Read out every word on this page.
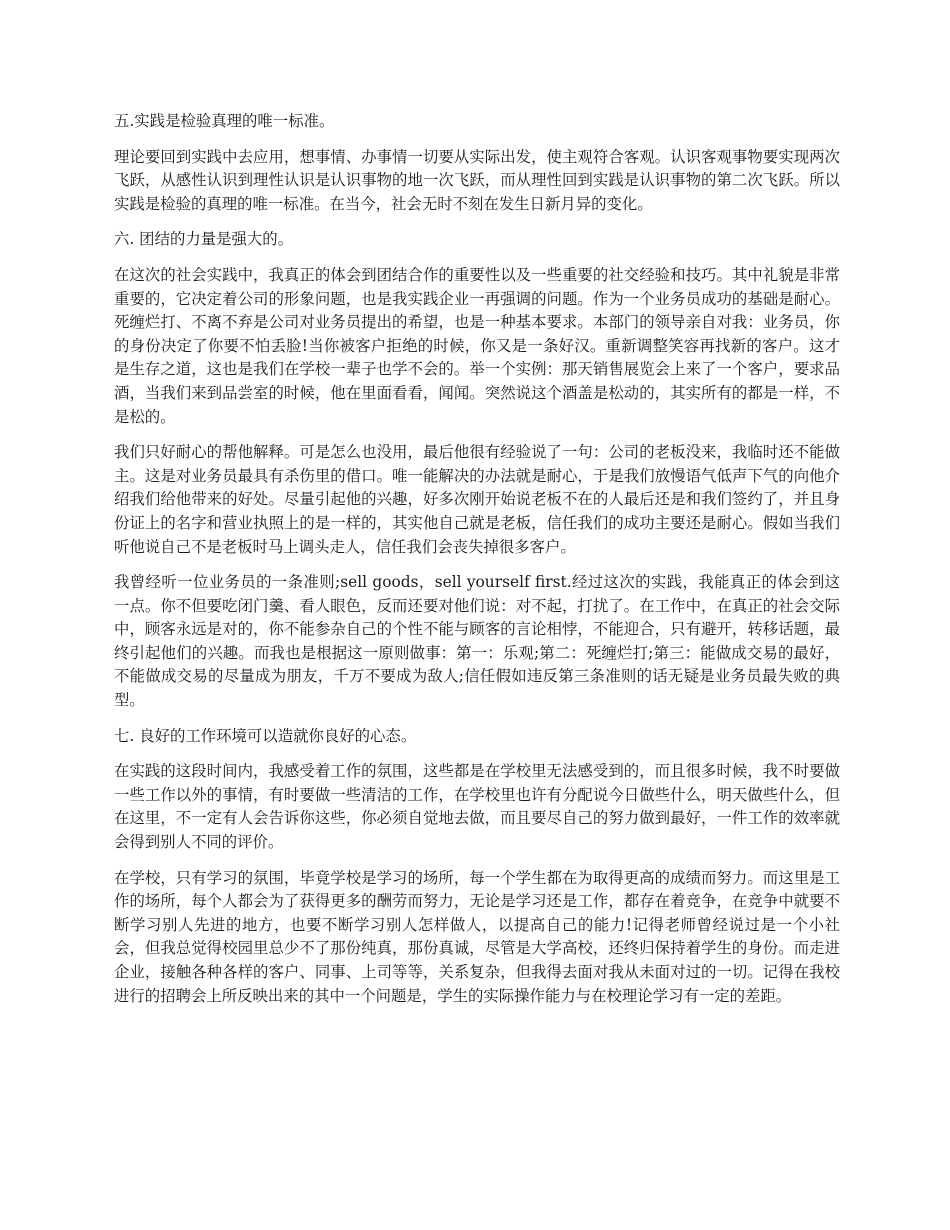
五.实践是检验真理的唯一标准。

理论要回到实践中去应用，想事情、办事情一切要从实际出发，使主观符合客观。认识客观事物要实现两次飞跃，从感性认识到理性认识是认识事物的地一次飞跃，而从理性回到实践是认识事物的第二次飞跃。所以实践是检验的真理的唯一标准。在当今，社会无时不刻在发生日新月异的变化。

六. 团结的力量是强大的。

在这次的社会实践中，我真正的体会到团结合作的重要性以及一些重要的社交经验和技巧。其中礼貌是非常重要的，它决定着公司的形象问题，也是我实践企业一再强调的问题。作为一个业务员成功的基础是耐心。死缠烂打、不离不弃是公司对业务员提出的希望，也是一种基本要求。本部门的领导亲自对我：业务员，你的身份决定了你要不怕丢脸!当你被客户拒绝的时候，你又是一条好汉。重新调整笑容再找新的客户。这才是生存之道，这也是我们在学校一辈子也学不会的。举一个实例：那天销售展览会上来了一个客户，要求品酒，当我们来到品尝室的时候，他在里面看看，闻闻。突然说这个酒盖是松动的，其实所有的都是一样，不是松的。

我们只好耐心的帮他解释。可是怎么也没用，最后他很有经验说了一句：公司的老板没来，我临时还不能做主。这是对业务员最具有杀伤里的借口。唯一能解决的办法就是耐心，于是我们放慢语气低声下气的向他介绍我们给他带来的好处。尽量引起他的兴趣，好多次刚开始说老板不在的人最后还是和我们签约了，并且身份证上的名字和营业执照上的是一样的，其实他自己就是老板，信任我们的成功主要还是耐心。假如当我们听他说自己不是老板时马上调头走人，信任我们会丧失掉很多客户。

我曾经听一位业务员的一条准则;sell goods，sell yourself first.经过这次的实践，我能真正的体会到这一点。你不但要吃闭门羹、看人眼色，反而还要对他们说：对不起，打扰了。在工作中，在真正的社会交际中，顾客永远是对的，你不能参杂自己的个性不能与顾客的言论相悖，不能迎合，只有避开，转移话题，最终引起他们的兴趣。而我也是根据这一原则做事：第一：乐观;第二：死缠烂打;第三：能做成交易的最好，不能做成交易的尽量成为朋友，千万不要成为敌人;信任假如违反第三条准则的话无疑是业务员最失败的典型。

七. 良好的工作环境可以造就你良好的心态。

在实践的这段时间内，我感受着工作的氛围，这些都是在学校里无法感受到的，而且很多时候，我不时要做一些工作以外的事情，有时要做一些清洁的工作，在学校里也许有分配说今日做些什么，明天做些什么，但在这里，不一定有人会告诉你这些，你必须自觉地去做，而且要尽自己的努力做到最好，一件工作的效率就会得到别人不同的评价。

在学校，只有学习的氛围，毕竟学校是学习的场所，每一个学生都在为取得更高的成绩而努力。而这里是工作的场所，每个人都会为了获得更多的酬劳而努力，无论是学习还是工作，都存在着竞争，在竞争中就要不断学习别人先进的地方，也要不断学习别人怎样做人，以提高自己的能力!记得老师曾经说过是一个小社会，但我总觉得校园里总少不了那份纯真，那份真诚，尽管是大学高校，还终归保持着学生的身份。而走进企业，接触各种各样的客户、同事、上司等等，关系复杂，但我得去面对我从未面对过的一切。记得在我校进行的招聘会上所反映出来的其中一个问题是，学生的实际操作能力与在校理论学习有一定的差距。
